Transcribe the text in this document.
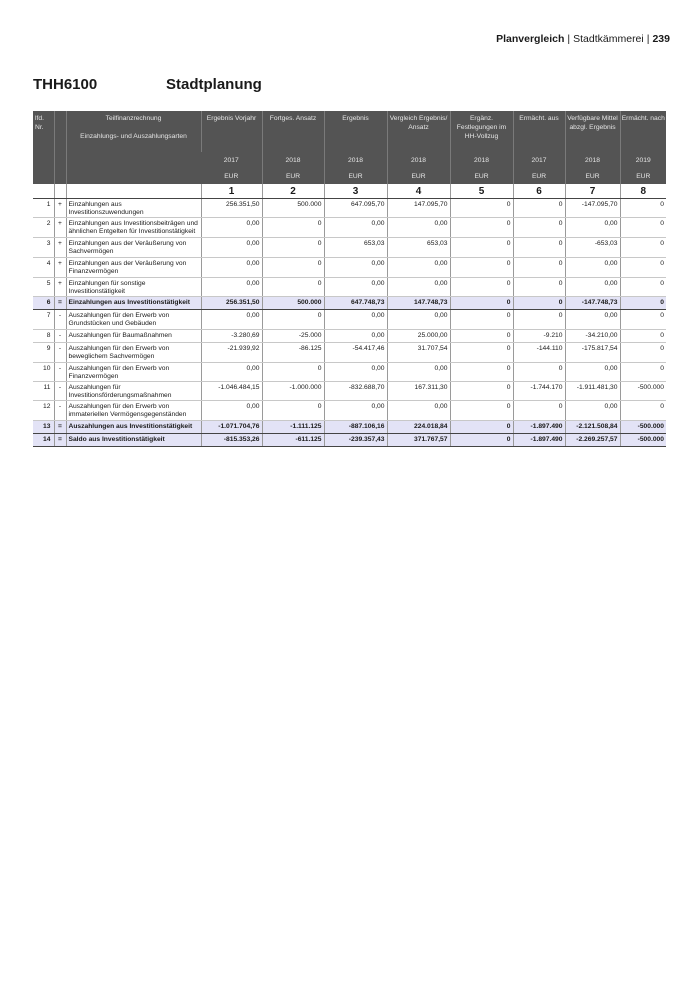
Planvergleich | Stadtkämmerei | 239
THH6100	Stadtplanung
lfd. Nr.		Teilfinanzrechnung
Einzahlungs- und Auszahlungsarten	Ergebnis Vorjahr	Fortges. Ansatz	Ergebnis	Vergleich Ergebnis/ Ansatz	Ergänz. Festlegungen im HH-Vollzug	Ermächt. aus	Verfügbare Mittel abzgl. Ergebnis	Ermächt. nach
			2017	2018	2018	2018	2018	2017	2018	2019
			EUR	EUR	EUR	EUR	EUR	EUR	EUR	EUR
			1	2	3	4	5	6	7	8
1	+	Einzahlungen aus Investitionszuwendungen	256.351,50	500.000	647.095,70	147.095,70	0	0	-147.095,70	0
2	+	Einzahlungen aus Investitionsbeiträgen und ähnlichen Entgelten für Investitionstätigkeit	0,00	0	0,00	0,00	0	0	0,00	0
3	+	Einzahlungen aus der Veräußerung von Sachvermögen	0,00	0	653,03	653,03	0	0	-653,03	0
4	+	Einzahlungen aus der Veräußerung von Finanzvermögen	0,00	0	0,00	0,00	0	0	0,00	0
5	+	Einzahlungen für sonstige Investitionstätigkeit	0,00	0	0,00	0,00	0	0	0,00	0
6	=	Einzahlungen aus Investitionstätigkeit	256.351,50	500.000	647.748,73	147.748,73	0	0	-147.748,73	0
7	-	Auszahlungen für den Erwerb von Grundstücken und Gebäuden	0,00	0	0,00	0,00	0	0	0,00	0
8	-	Auszahlungen für Baumaßnahmen	-3.280,69	-25.000	0,00	25.000,00	0	-9.210	-34.210,00	0
9	-	Auszahlungen für den Erwerb von beweglichem Sachvermögen	-21.939,92	-86.125	-54.417,46	31.707,54	0	-144.110	-175.817,54	0
10	-	Auszahlungen für den Erwerb von Finanzvermögen	0,00	0	0,00	0,00	0	0	0,00	0
11	-	Auszahlungen für Investitionsförderungsmaßnahmen	-1.046.484,15	-1.000.000	-832.688,70	167.311,30	0	-1.744.170	-1.911.481,30	-500.000
12	-	Auszahlungen für den Erwerb von immateriellen Vermögensgegenständen	0,00	0	0,00	0,00	0	0	0,00	0
13	=	Auszahlungen aus Investitionstätigkeit	-1.071.704,76	-1.111.125	-887.106,16	224.018,84	0	-1.897.490	-2.121.508,84	-500.000
14	=	Saldo aus Investitionstätigkeit	-815.353,26	-611.125	-239.357,43	371.767,57	0	-1.897.490	-2.269.257,57	-500.000
